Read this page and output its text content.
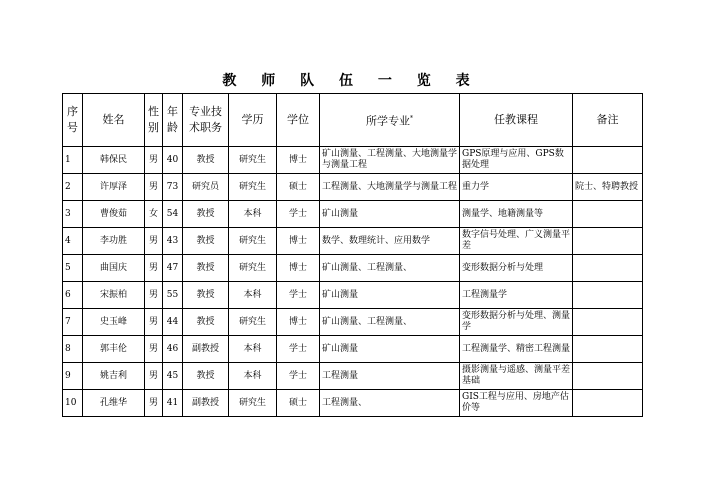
教 师 队 伍 一 览 表
序号	姓名	性别	年龄	专业技术职务	学历	学位	所学专业*	任教课程	备注
1	韩保民	男	40	教授	研究生	博士	矿山测量、工程测量、大地测量学与测量工程	GPS原理与应用、GPS数据处理	
2	许厚泽	男	73	研究员	研究生	硕士	工程测量、大地测量学与测量工程	重力学	院士、特聘教授
3	曹俊茹	女	54	教授	本科	学士	矿山测量	测量学、地籍测量等	
4	李功胜	男	43	教授	研究生	博士	数学、数理统计、应用数学	数字信号处理、广义测量平差	
5	曲国庆	男	47	教授	研究生	博士	矿山测量、工程测量、	变形数据分析与处理	
6	宋振柏	男	55	教授	本科	学士	矿山测量	工程测量学	
7	史玉峰	男	44	教授	研究生	博士	矿山测量、工程测量、	变形数据分析与处理、测量学	
8	郭丰伦	男	46	副教授	本科	学士	矿山测量	工程测量学、精密工程测量	
9	姚吉利	男	45	教授	本科	学士	工程测量	摄影测量与遥感、测量平差基础	
10	孔维华	男	41	副教授	研究生	硕士	工程测量、	GIS工程与应用、房地产估价等	
